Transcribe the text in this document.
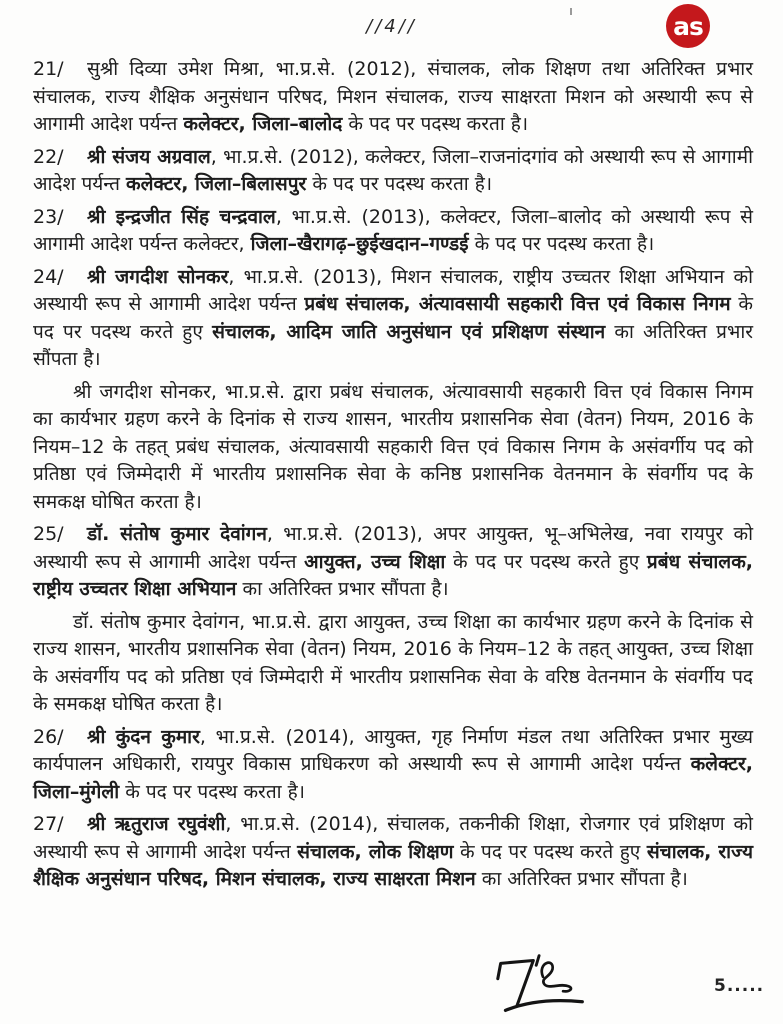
//4//	as

21/ सुश्री दिव्या उमेश मिश्रा, भा.प्र.से. (2012), संचालक, लोक शिक्षण तथा अतिरिक्त प्रभार संचालक, राज्य शैक्षिक अनुसंधान परिषद, मिशन संचालक, राज्य साक्षरता मिशन को अस्थायी रूप से आगामी आदेश पर्यन्त कलेक्टर, जिला–बालोद के पद पर पदस्थ करता है।

22/ श्री संजय अग्रवाल, भा.प्र.से. (2012), कलेक्टर, जिला–राजनांदगांव को अस्थायी रूप से आगामी आदेश पर्यन्त कलेक्टर, जिला–बिलासपुर के पद पर पदस्थ करता है।

23/ श्री इन्द्रजीत सिंह चन्द्रवाल, भा.प्र.से. (2013), कलेक्टर, जिला–बालोद को अस्थायी रूप से आगामी आदेश पर्यन्त कलेक्टर, जिला–खैरागढ़–छुईखदान–गण्डई के पद पर पदस्थ करता है।

24/ श्री जगदीश सोनकर, भा.प्र.से. (2013), मिशन संचालक, राष्ट्रीय उच्चतर शिक्षा अभियान को अस्थायी रूप से आगामी आदेश पर्यन्त प्रबंध संचालक, अंत्यावसायी सहकारी वित्त एवं विकास निगम के पद पर पदस्थ करते हुए संचालक, आदिम जाति अनुसंधान एवं प्रशिक्षण संस्थान का अतिरिक्त प्रभार सौंपता है।

श्री जगदीश सोनकर, भा.प्र.से. द्वारा प्रबंध संचालक, अंत्यावसायी सहकारी वित्त एवं विकास निगम का कार्यभार ग्रहण करने के दिनांक से राज्य शासन, भारतीय प्रशासनिक सेवा (वेतन) नियम, 2016 के नियम–12 के तहत् प्रबंध संचालक, अंत्यावसायी सहकारी वित्त एवं विकास निगम के असंवर्गीय पद को प्रतिष्ठा एवं जिम्मेदारी में भारतीय प्रशासनिक सेवा के कनिष्ठ प्रशासनिक वेतनमान के संवर्गीय पद के समकक्ष घोषित करता है।

25/ डॉ. संतोष कुमार देवांगन, भा.प्र.से. (2013), अपर आयुक्त, भू–अभिलेख, नवा रायपुर को अस्थायी रूप से आगामी आदेश पर्यन्त आयुक्त, उच्च शिक्षा के पद पर पदस्थ करते हुए प्रबंध संचालक, राष्ट्रीय उच्चतर शिक्षा अभियान का अतिरिक्त प्रभार सौंपता है।

डॉ. संतोष कुमार देवांगन, भा.प्र.से. द्वारा आयुक्त, उच्च शिक्षा का कार्यभार ग्रहण करने के दिनांक से राज्य शासन, भारतीय प्रशासनिक सेवा (वेतन) नियम, 2016 के नियम–12 के तहत् आयुक्त, उच्च शिक्षा के असंवर्गीय पद को प्रतिष्ठा एवं जिम्मेदारी में भारतीय प्रशासनिक सेवा के वरिष्ठ वेतनमान के संवर्गीय पद के समकक्ष घोषित करता है।

26/ श्री कुंदन कुमार, भा.प्र.से. (2014), आयुक्त, गृह निर्माण मंडल तथा अतिरिक्त प्रभार मुख्य कार्यपालन अधिकारी, रायपुर विकास प्राधिकरण को अस्थायी रूप से आगामी आदेश पर्यन्त कलेक्टर, जिला–मुंगेली के पद पर पदस्थ करता है।

27/ श्री ऋतुराज रघुवंशी, भा.प्र.से. (2014), संचालक, तकनीकी शिक्षा, रोजगार एवं प्रशिक्षण को अस्थायी रूप से आगामी आदेश पर्यन्त संचालक, लोक शिक्षण के पद पर पदस्थ करते हुए संचालक, राज्य शैक्षिक अनुसंधान परिषद, मिशन संचालक, राज्य साक्षरता मिशन का अतिरिक्त प्रभार सौंपता है।

5.....
